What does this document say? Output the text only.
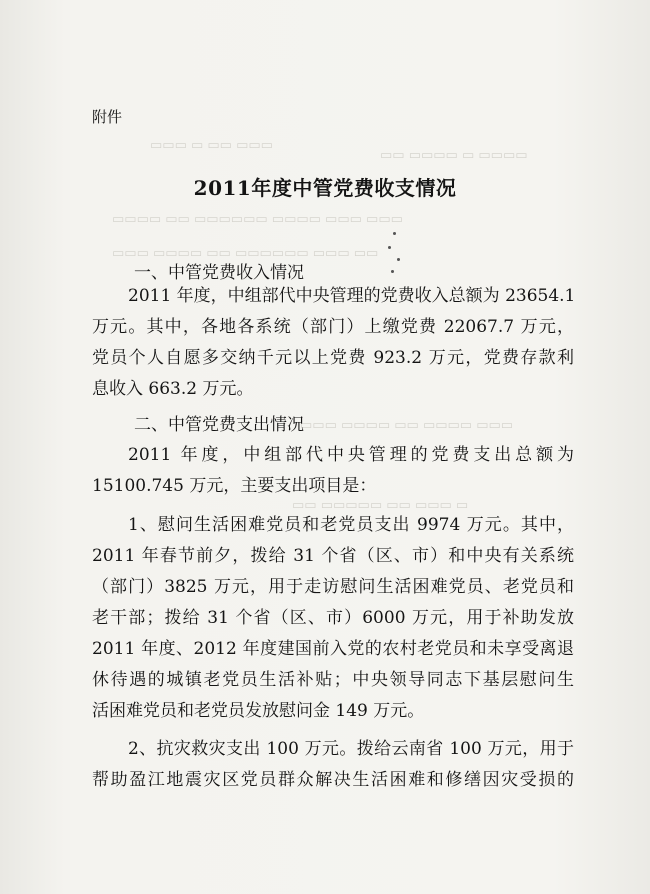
▭▭▭ ▭ ▭▭ ▭▭▭
▭▭ ▭▭▭▭ ▭ ▭▭▭▭
▭▭▭▭ ▭▭ ▭▭▭▭▭▭ ▭▭▭▭ ▭▭▭ ▭▭▭
▭▭▭ ▭▭▭▭ ▭▭ ▭▭▭▭▭▭ ▭▭▭ ▭▭
▭▭▭ ▭▭▭▭ ▭▭ ▭▭▭▭ ▭▭▭
▭▭ ▭▭▭▭▭ ▭▭ ▭▭▭ ▭
附件
2011年度中管党费收支情况
一、中管党费收入情况
2011 年度，中组部代中央管理的党费收入总额为 23654.1
万元。其中，各地各系统（部门）上缴党费 22067.7 万元，
党员个人自愿多交纳千元以上党费 923.2 万元，党费存款利
息收入 663.2 万元。
二、中管党费支出情况
2011 年度，中组部代中央管理的党费支出总额为
15100.745 万元，主要支出项目是：
1、慰问生活困难党员和老党员支出 9974 万元。其中，
2011 年春节前夕，拨给 31 个省（区、市）和中央有关系统
（部门）3825 万元，用于走访慰问生活困难党员、老党员和
老干部；拨给 31 个省（区、市）6000 万元，用于补助发放
2011 年度、2012 年度建国前入党的农村老党员和未享受离退
休待遇的城镇老党员生活补贴；中央领导同志下基层慰问生
活困难党员和老党员发放慰问金 149 万元。
2、抗灾救灾支出 100 万元。拨给云南省 100 万元，用于
帮助盈江地震灾区党员群众解决生活困难和修缮因灾受损的
